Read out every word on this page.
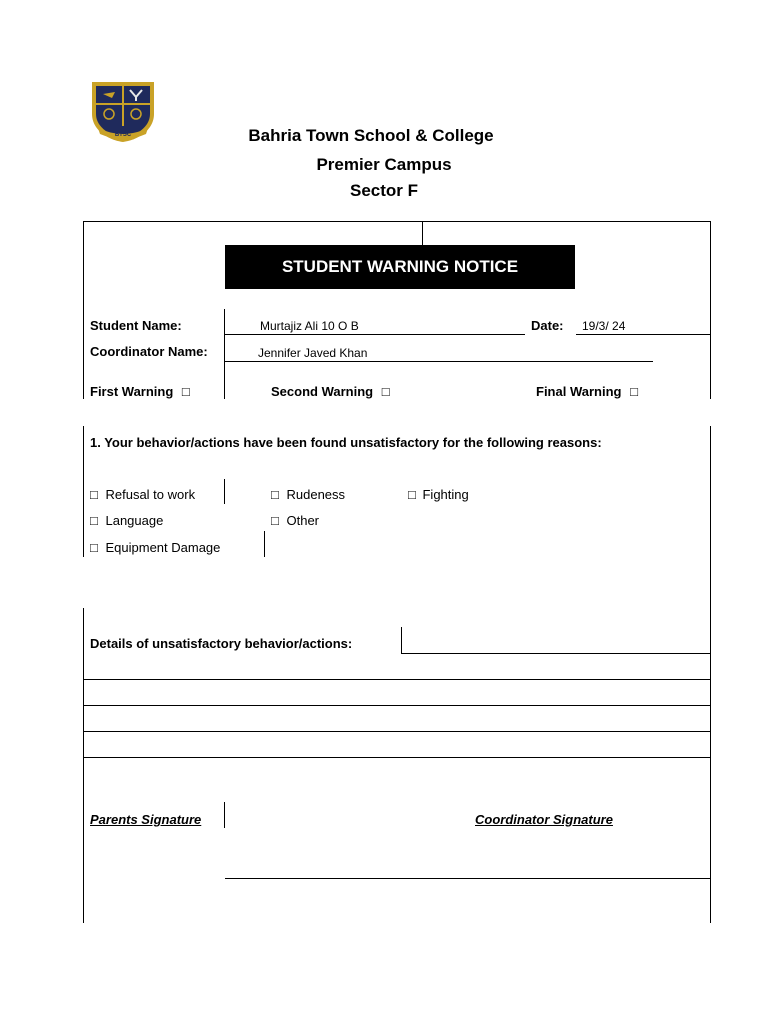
BTSC	Bahria Town School & College
Premier Campus
Sector F
STUDENT WARNING NOTICE
Student Name:	Murtajiz Ali 10 O B	Date: 19/3/ 24
Coordinator Name:	Jennifer Javed Khan
First Warning □	Second Warning □	Final Warning □
1. Your behavior/actions have been found unsatisfactory for the following reasons:
□ Refusal to work	□ Rudeness	□ Fighting
□ Language	□ Other
□ Equipment Damage
Details of unsatisfactory behavior/actions:
Parents Signature	Coordinator Signature
